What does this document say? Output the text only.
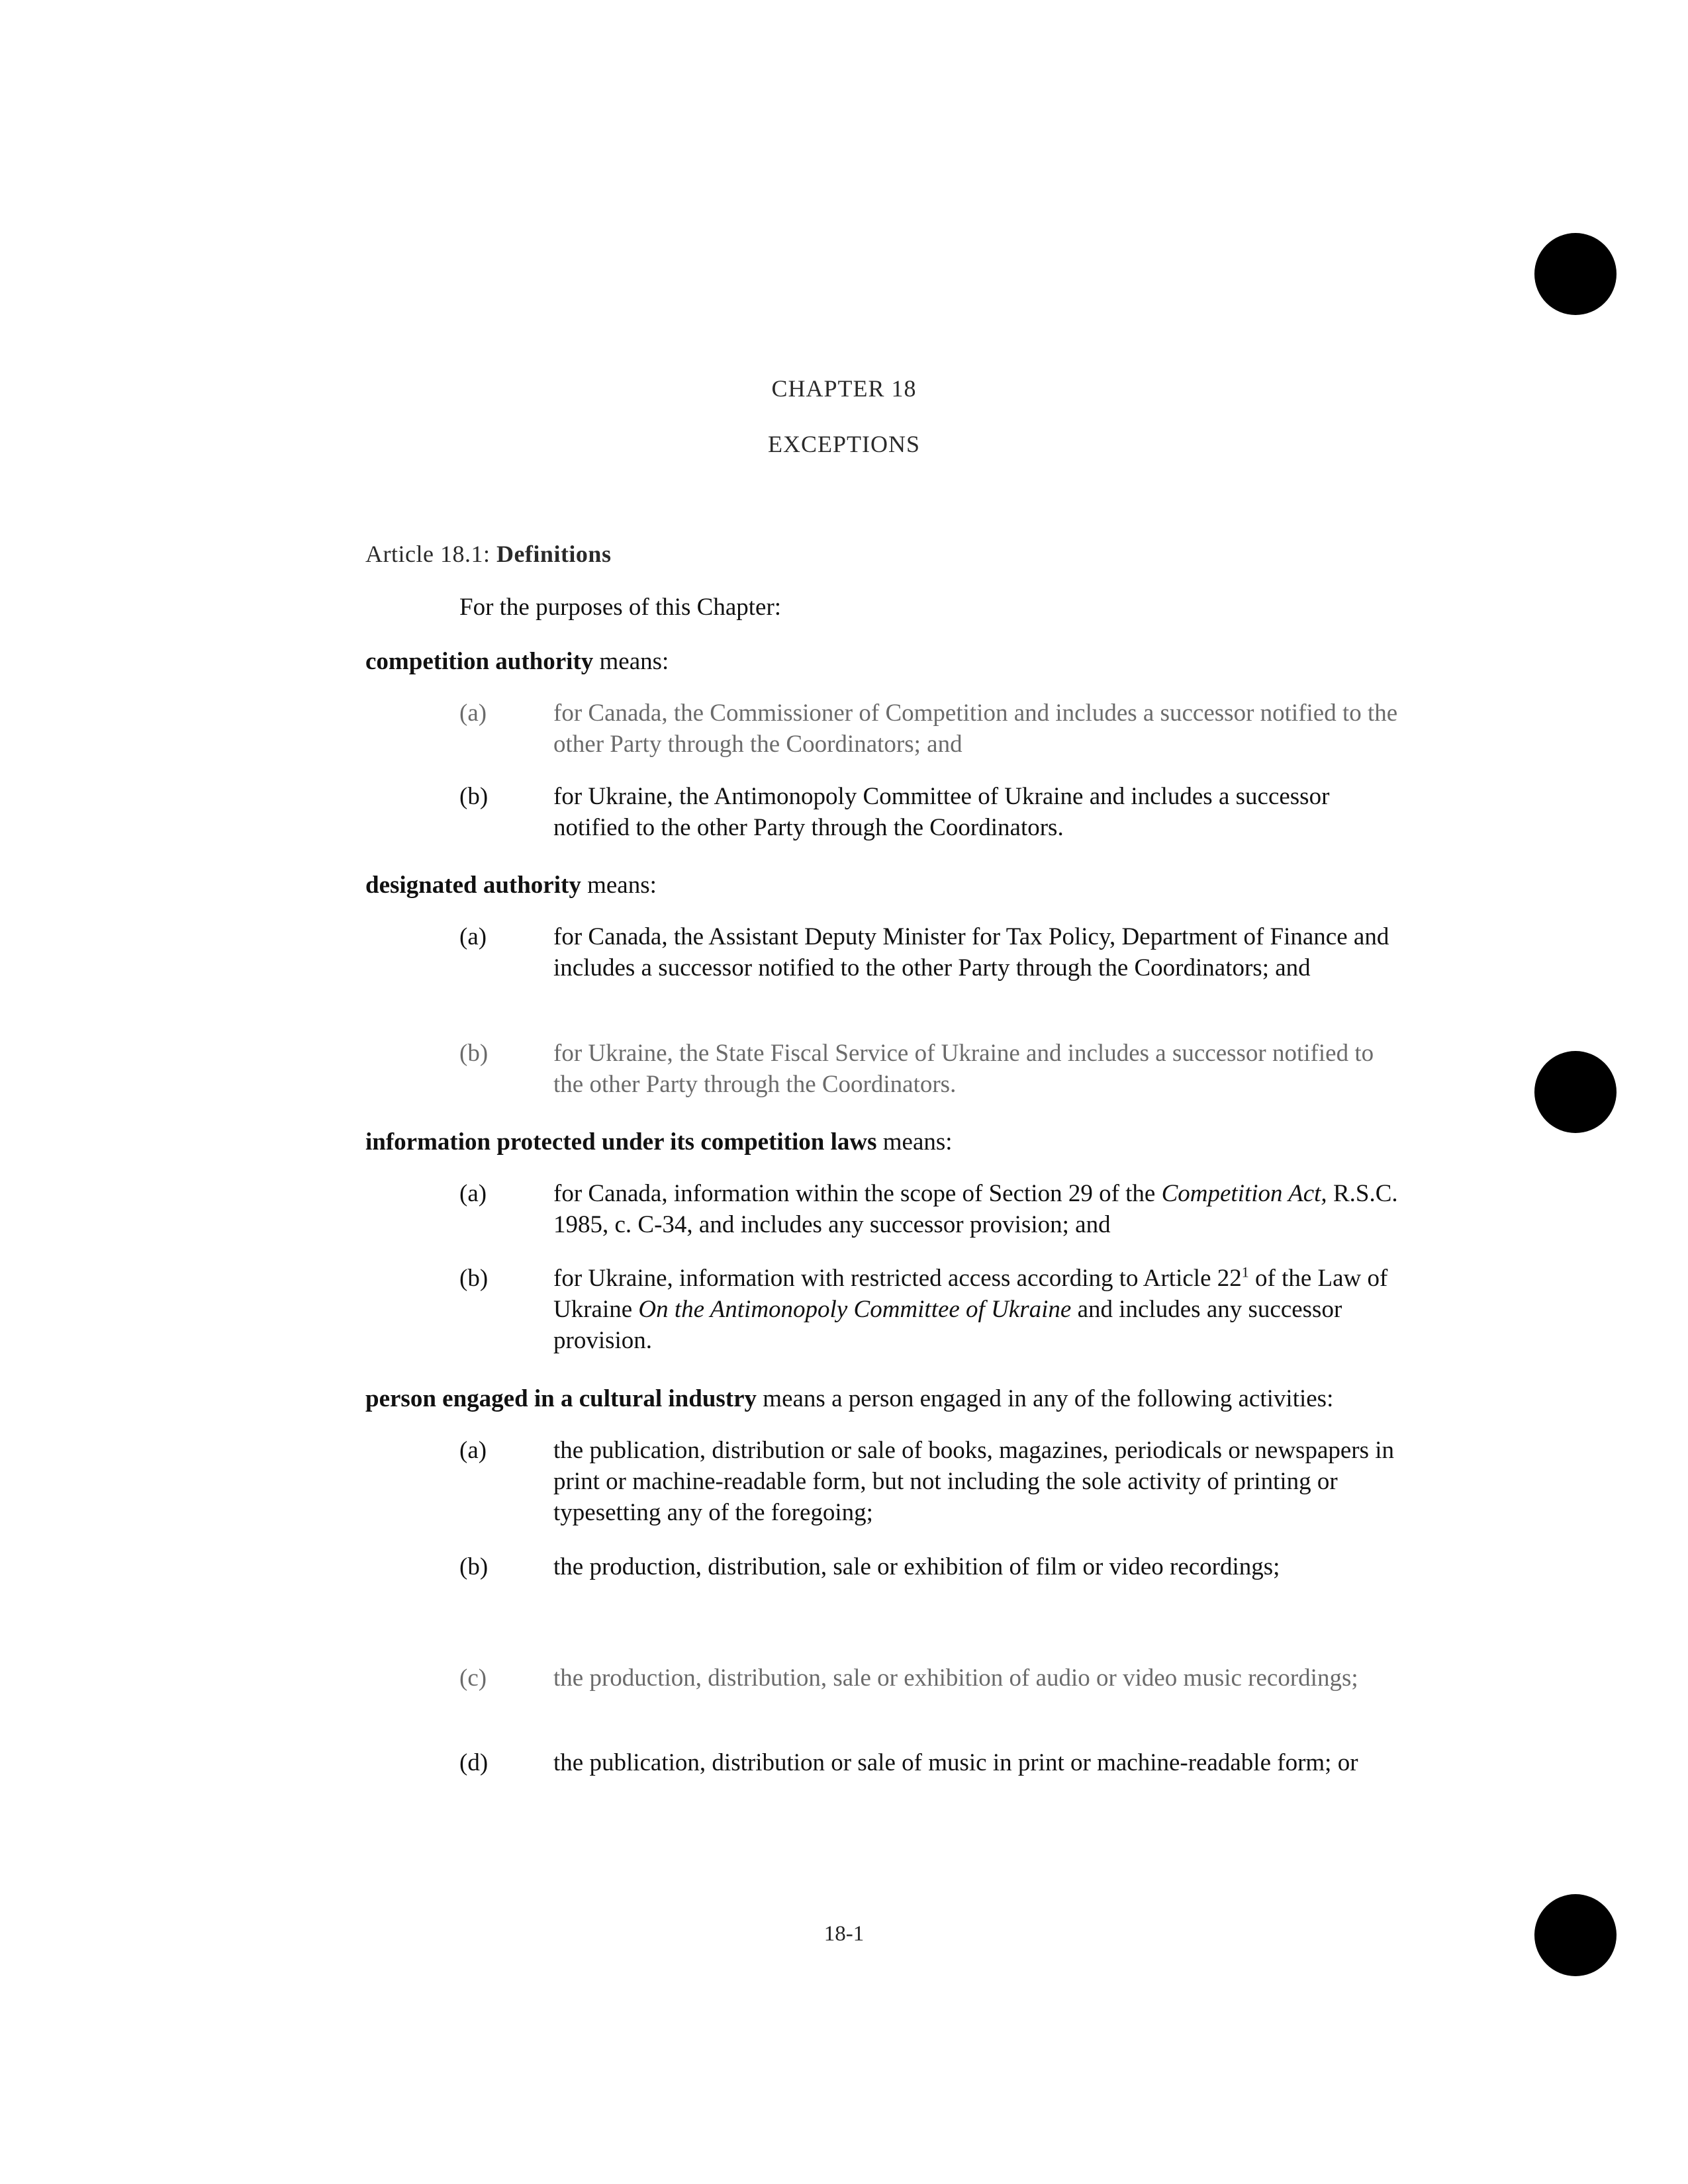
CHAPTER 18
EXCEPTIONS
Article 18.1: Definitions
For the purposes of this Chapter:
competition authority means:
(a)	for Canada, the Commissioner of Competition and includes a successor notified to the other Party through the Coordinators; and
(b)	for Ukraine, the Antimonopoly Committee of Ukraine and includes a successor notified to the other Party through the Coordinators.
designated authority means:
(a)	for Canada, the Assistant Deputy Minister for Tax Policy, Department of Finance and includes a successor notified to the other Party through the Coordinators; and
(b)	for Ukraine, the State Fiscal Service of Ukraine and includes a successor notified to the other Party through the Coordinators.
information protected under its competition laws means:
(a)	for Canada, information within the scope of Section 29 of the Competition Act, R.S.C. 1985, c. C-34, and includes any successor provision; and
(b)	for Ukraine, information with restricted access according to Article $22^1$ of the Law of Ukraine On the Antimonopoly Committee of Ukraine and includes any successor provision.
person engaged in a cultural industry means a person engaged in any of the following activities:
(a)	the publication, distribution or sale of books, magazines, periodicals or newspapers in print or machine-readable form, but not including the sole activity of printing or typesetting any of the foregoing;
(b)	the production, distribution, sale or exhibition of film or video recordings;
(c)	the production, distribution, sale or exhibition of audio or video music recordings;
(d)	the publication, distribution or sale of music in print or machine-readable form; or
18-1
